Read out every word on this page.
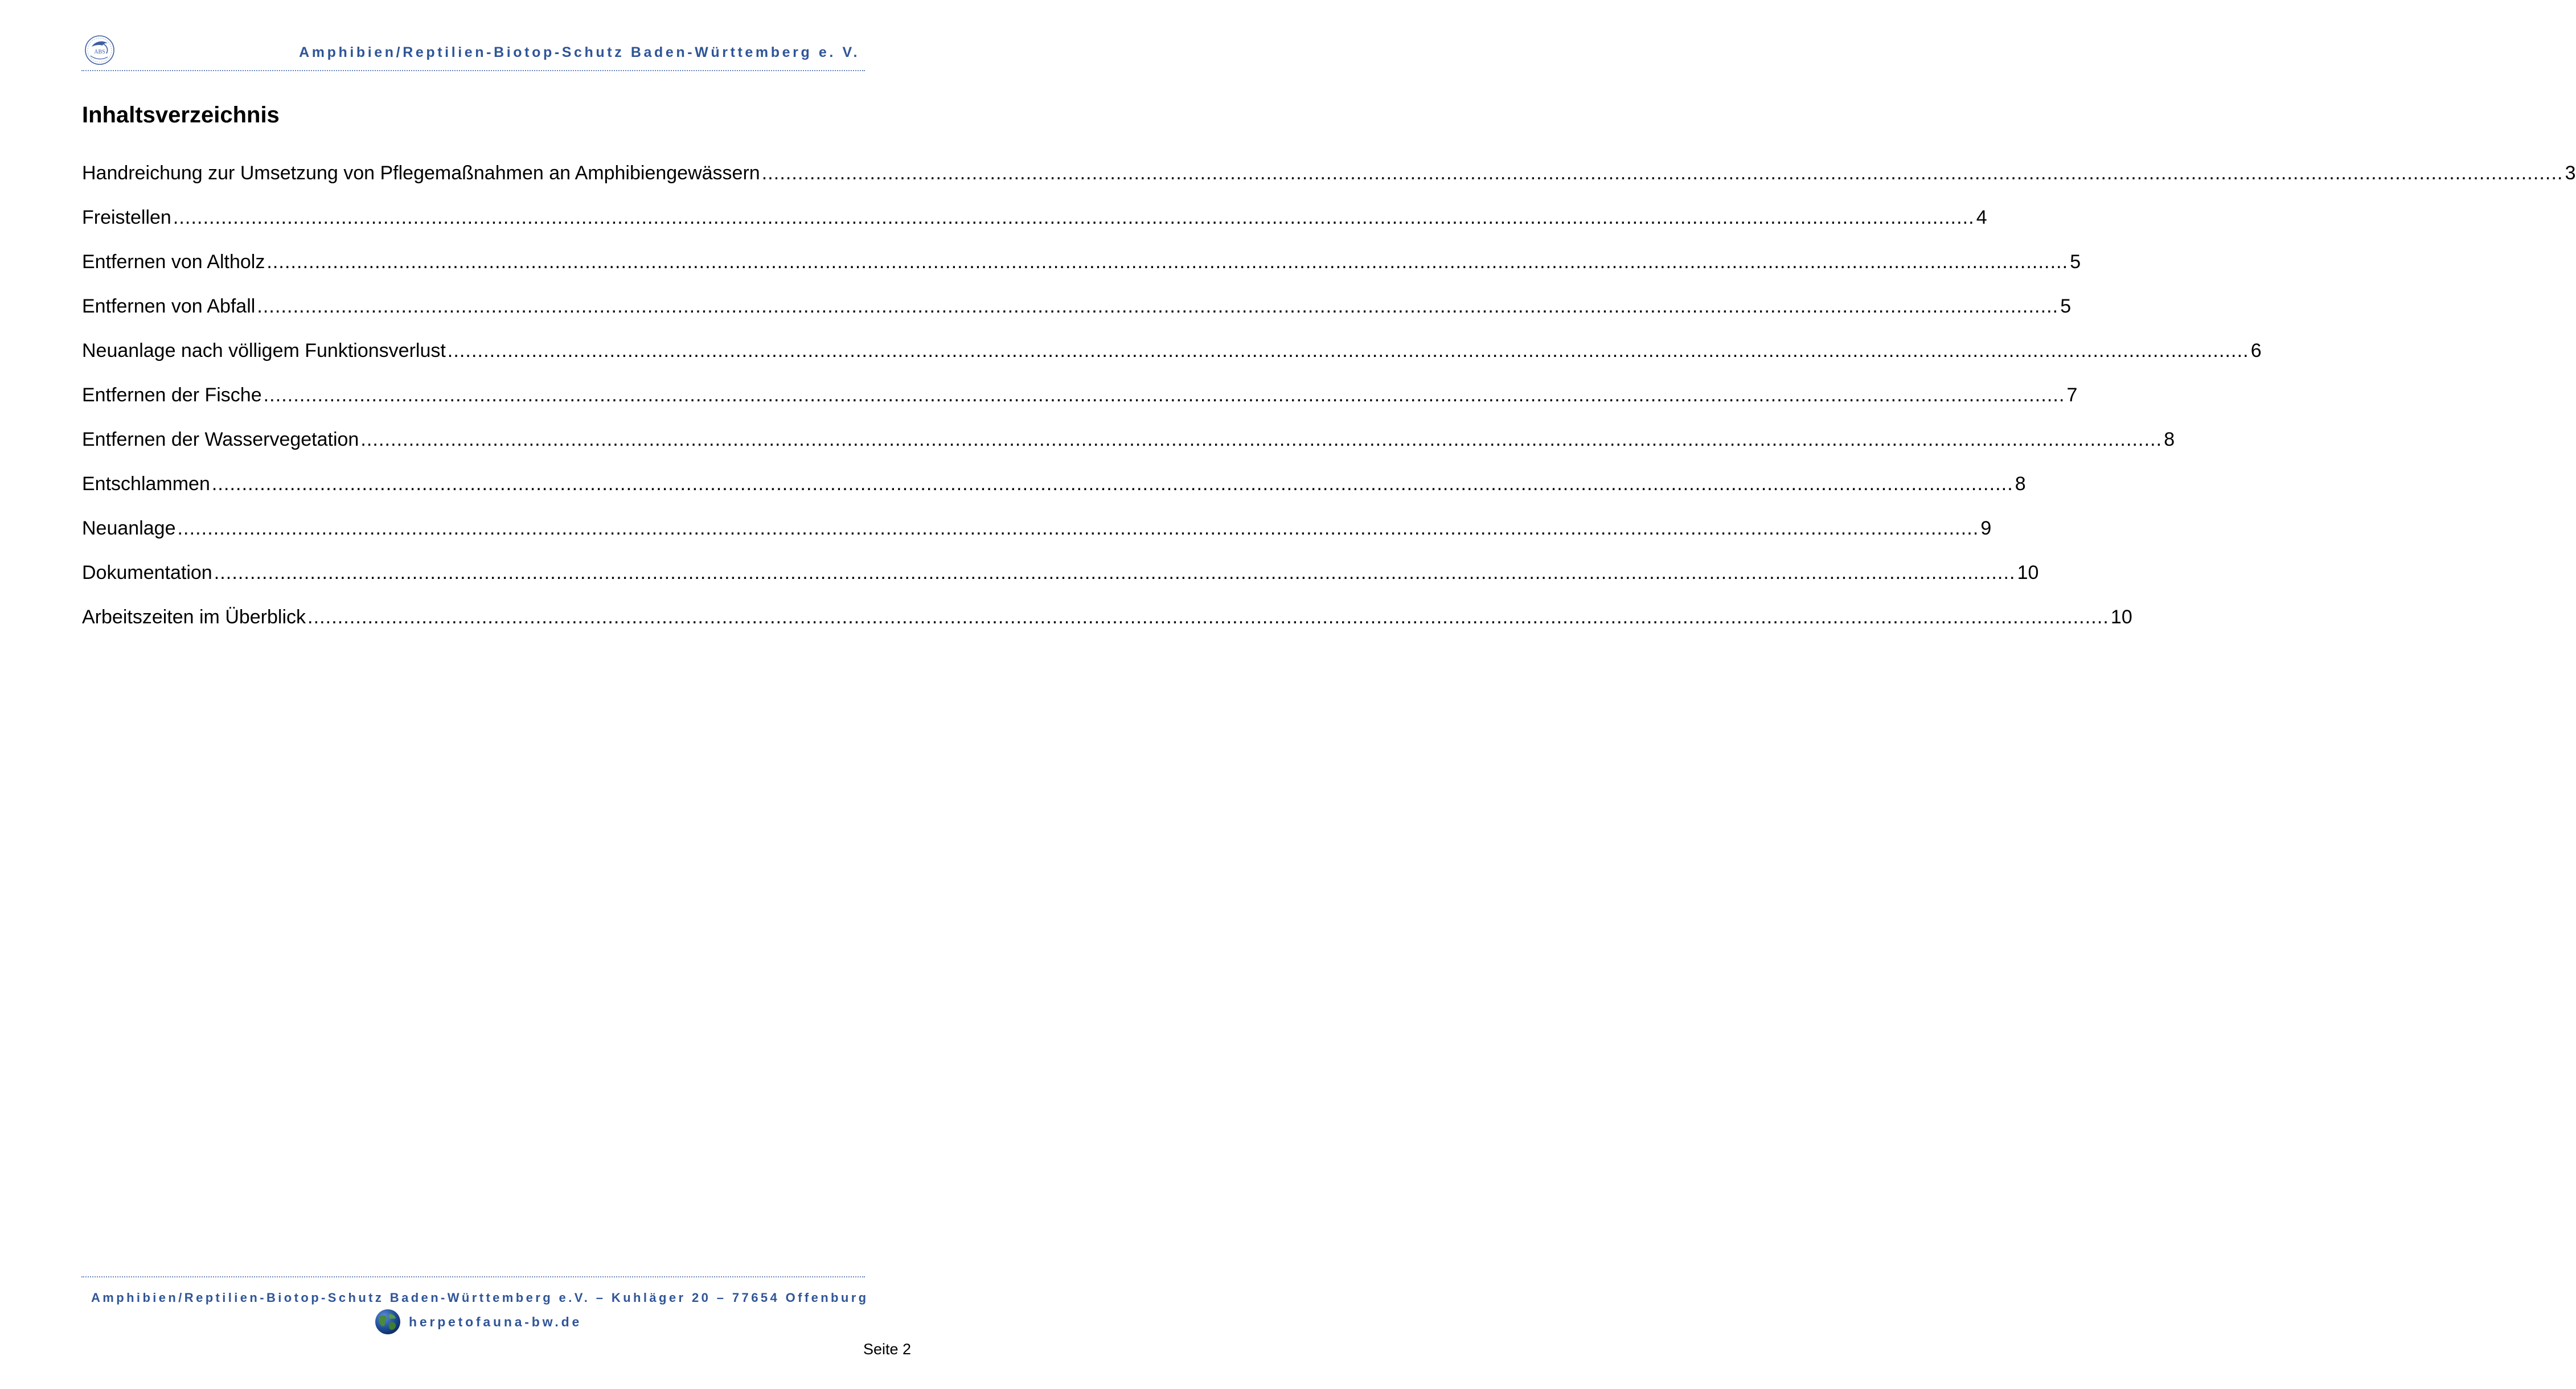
ABS	Amphibien/Reptilien-Biotop-Schutz Baden-Württemberg e. V.
Inhaltsverzeichnis
Handreichung zur Umsetzung von Pflegemaßnahmen an Amphibiengewässern ............................................................................................................................................................................................................................................................................................................ 3
Freistellen ............................................................................................................................................................................................................................................................................................................ 4
Entfernen von Altholz ............................................................................................................................................................................................................................................................................................................ 5
Entfernen von Abfall ............................................................................................................................................................................................................................................................................................................ 5
Neuanlage nach völligem Funktionsverlust ............................................................................................................................................................................................................................................................................................................ 6
Entfernen der Fische ............................................................................................................................................................................................................................................................................................................ 7
Entfernen der Wasservegetation ............................................................................................................................................................................................................................................................................................................ 8
Entschlammen ............................................................................................................................................................................................................................................................................................................ 8
Neuanlage ............................................................................................................................................................................................................................................................................................................ 9
Dokumentation ............................................................................................................................................................................................................................................................................................................ 10
Arbeitszeiten im Überblick ............................................................................................................................................................................................................................................................................................................ 10
Amphibien/Reptilien-Biotop-Schutz Baden-Württemberg e.V. – Kuhläger 20 – 77654 Offenburg
herpetofauna-bw.de
Seite 2
